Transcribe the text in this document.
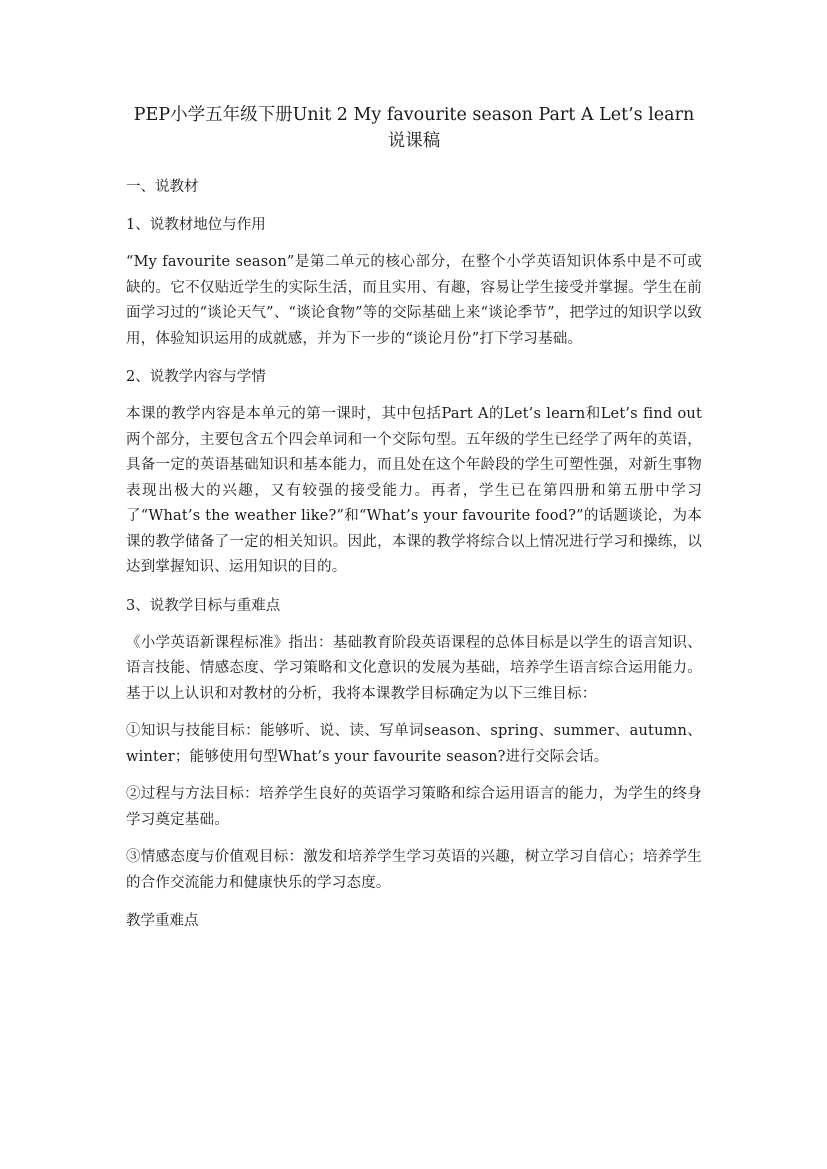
PEP小学五年级下册Unit 2 My favourite season Part A Let’s learn 说课稿
一、说教材
1、说教材地位与作用

“My favourite season”是第二单元的核心部分，在整个小学英语知识体系中是不可或缺的。它不仅贴近学生的实际生活，而且实用、有趣，容易让学生接受并掌握。学生在前面学习过的“谈论天气”、“谈论食物”等的交际基础上来“谈论季节”，把学过的知识学以致用，体验知识运用的成就感，并为下一步的“谈论月份”打下学习基础。

2、说教学内容与学情

本课的教学内容是本单元的第一课时，其中包括Part A的Let’s learn和Let’s find out两个部分，主要包含五个四会单词和一个交际句型。五年级的学生已经学了两年的英语，具备一定的英语基础知识和基本能力，而且处在这个年龄段的学生可塑性强，对新生事物表现出极大的兴趣，又有较强的接受能力。再者，学生已在第四册和第五册中学习了“What’s the weather like?”和“What’s your favourite food?”的话题谈论，为本课的教学储备了一定的相关知识。因此，本课的教学将综合以上情况进行学习和操练，以达到掌握知识、运用知识的目的。

3、说教学目标与重难点

《小学英语新课程标准》指出：基础教育阶段英语课程的总体目标是以学生的语言知识、语言技能、情感态度、学习策略和文化意识的发展为基础，培养学生语言综合运用能力。基于以上认识和对教材的分析，我将本课教学目标确定为以下三维目标：

①知识与技能目标：能够听、说、读、写单词season、spring、summer、autumn、winter；能够使用句型What’s your favourite season?进行交际会话。

②过程与方法目标：培养学生良好的英语学习策略和综合运用语言的能力，为学生的终身学习奠定基础。

③情感态度与价值观目标：激发和培养学生学习英语的兴趣，树立学习自信心；培养学生的合作交流能力和健康快乐的学习态度。

教学重难点
